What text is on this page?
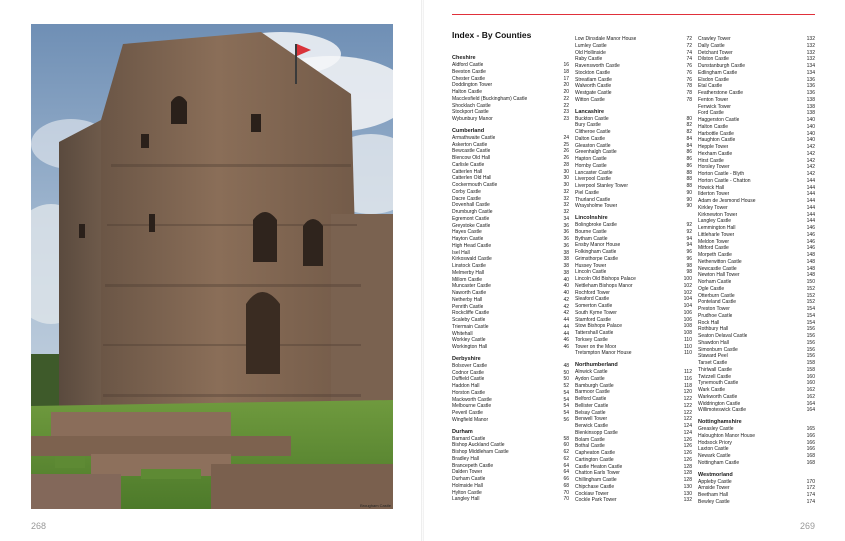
Brougham Castle
268
Index - By Counties
Cheshire
Aldford Castle	16
Beeston Castle	18
Chester Castle	17
Doddington Tower	20
Halton Castle	20
Macclesfield (Buckingham) Castle	22
Shocklach Castle	22
Stockport Castle	23
Wybunbury Manor	23
Cumberland
Armathwaite Castle	24
Askerton Castle	25
Bewcastle Castle	26
Blencow Old Hall	26
Carlisle Castle	28
Catterlen Hall	30
Catterlen Old Hall	30
Cockermouth Castle	30
Corby Castle	32
Dacre Castle	32
Dovenhall Castle	32
Drumburgh Castle	32
Egremont Castle	34
Greystoke Castle	36
Hayes Castle	36
Hayton Castle	36
High Head Castle	36
Isel Hall	38
Kirkoswald Castle	38
Linstock Castle	38
Melmerby Hall	38
Millom Castle	40
Muncaster Castle	40
Naworth Castle	40
Netherby Hall	42
Penrith Castle	42
Rockcliffe Castle	42
Scaleby Castle	44
Triermain Castle	44
Whitehall	44
Workley Castle	46
Workington Hall	46
Derbyshire
Bolsover Castle	48
Codnor Castle	50
Duffield Castle	50
Haddon Hall	52
Horston Castle	54
Mackworth Castle	54
Melbourne Castle	54
Peveril Castle	54
Wingfield Manor	56
Durham
Barnard Castle	58
Bishop Auckland Castle	60
Bishop Middleham Castle	62
Bradley Hall	62
Brancepeth Castle	64
Dalden Tower	64
Durham Castle	66
Holmside Hall	68
Hylton Castle	70
Langley Hall	70
Low Dinsdale Manor House	72
Lumley Castle	72
Old Hollinside	74
Raby Castle	74
Ravensworth Castle	76
Stockton Castle	76
Streatlam Castle	76
Walworth Castle	78
Westgate Castle	78
Witton Castle	78
Lancashire
Buckton Castle	80
Bury Castle	82
Clitheroe Castle	82
Dalton Castle	84
Gleaston Castle	84
Greenhalgh Castle	86
Hapton Castle	86
Hornby Castle	86
Lancaster Castle	88
Liverpool Castle	88
Liverpool Stanley Tower	88
Piel Castle	90
Thurland Castle	90
Wraysholme Tower	90
Lincolnshire
Bolingbroke Castle	92
Bourne Castle	92
Bytham Castle	94
Ensby Manor House	94
Folkingham Castle	96
Grimsthorpe Castle	96
Hussey Tower	98
Lincoln Castle	98
Lincoln Old Bishops Palace	100
Nettleham Bishops Manor	102
Rochford Tower	102
Sleaford Castle	104
Somerton Castle	104
South Kyme Tower	106
Stamford Castle	106
Stow Bishops Palace	108
Tattershall Castle	108
Torksey Castle	110
Tower on the Moor	110
Tretsmpton Manor House	110
Northumberland
Alnwick Castle	112
Aydon Castle	116
Bamburgh Castle	118
Barmoor Castle	120
Belford Castle	122
Bellister Castle	122
Belsay Castle	122
Benwell Tower	122
Berwick Castle	124
Blenkinsopp Castle	124
Bolam Castle	126
Bothal Castle	126
Capheaton Castle	126
Cartington Castle	126
Castle Heaton Castle	128
Chatton Earls Tower	128
Chillingham Castle	128
Chipchase Castle	130
Cockiaw Tower	130
Cockle Park Tower	132
Crawley Tower	132
Dally Castle	132
Detchant Tower	132
Dilston Castle	132
Dunstanburgh Castle	134
Edlingham Castle	134
Elsdon Castle	136
Etal Castle	136
Featherstone Castle	136
Fenton Tower	138
Fenwick Tower	138
Ford Castle	138
Haggerston Castle	140
Halton Castle	140
Harbottle Castle	140
Haughton Castle	140
Hepple Tower	142
Hexham Castle	142
Hirst Castle	142
Horsley Tower	142
Horton Castle - Blyth	142
Horton Castle - Chatton	144
Howick Hall	144
Ilderton Tower	144
Adam de Jesmond House	144
Kirkley Tower	144
Kirknewton Tower	144
Langley Castle	144
Lemmington Hall	146
Littleharle Tower	146
Meldon Tower	146
Mitford Castle	146
Morpeth Castle	148
Netherwitton Castle	148
Newcastle Castle	148
Newton Hall Tower	148
Norham Castle	150
Ogle Castle	152
Otterburn Castle	152
Ponteland Castle	152
Preston Tower	154
Prudhoe Castle	154
Rock Hall	154
Rothbury Hall	156
Seaton Delaval Castle	156
Shawdon Hall	156
Simonburn Castle	156
Staward Peel	156
Tarset Castle	158
Thirlwall Castle	158
Twizzell Castle	160
Tynemouth Castle	160
Wark Castle	162
Warkworth Castle	162
Widdrington Castle	164
Willimoteswick Castle	164
Nottinghamshire
Greasley Castle	165
Haloughton Manor House	166
Hodsock Priory	166
Laxton Castle	166
Newark Castle	168
Nottingham Castle	168
Westmorland
Appleby Castle	170
Arnside Tower	172
Beetham Hall	174
Bewley Castle	174
269
